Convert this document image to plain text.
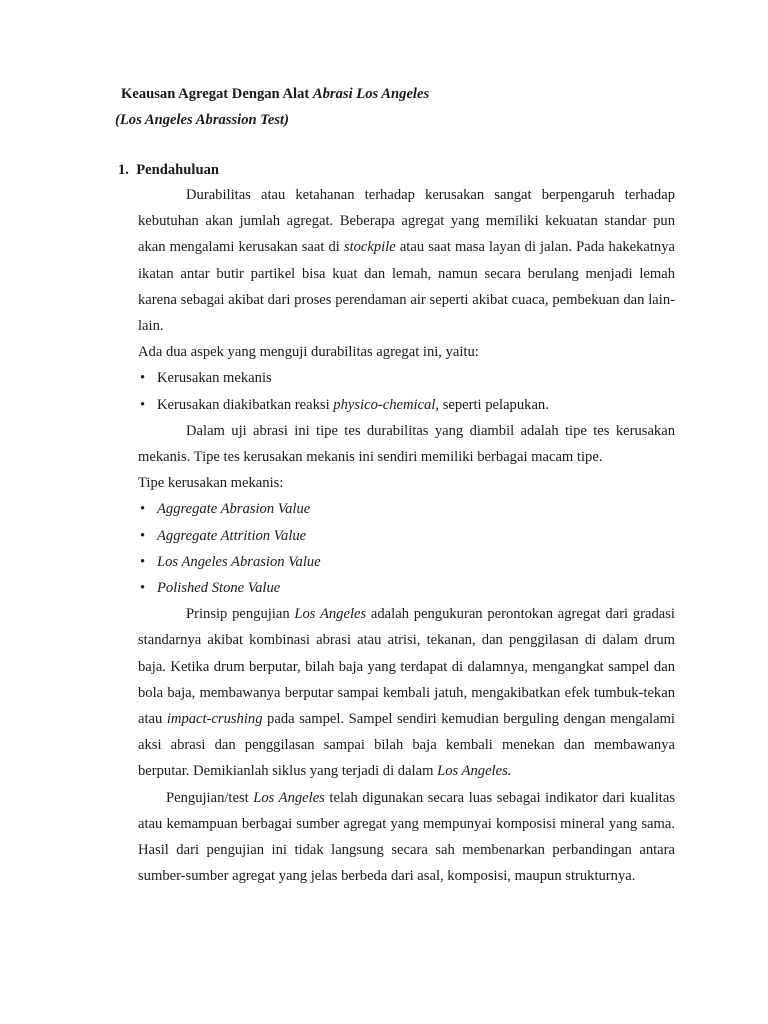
Keausan Agregat Dengan Alat Abrasi Los Angeles
(Los Angeles Abrassion Test)
1. Pendahuluan

Durabilitas atau ketahanan terhadap kerusakan sangat berpengaruh terhadap kebutuhan akan jumlah agregat. Beberapa agregat yang memiliki kekuatan standar pun akan mengalami kerusakan saat di stockpile atau saat masa layan di jalan. Pada hakekatnya ikatan antar butir partikel bisa kuat dan lemah, namun secara berulang menjadi lemah karena sebagai akibat dari proses perendaman air seperti akibat cuaca, pembekuan dan lain-lain.

Ada dua aspek yang menguji durabilitas agregat ini, yaitu:

• Kerusakan mekanis
• Kerusakan diakibatkan reaksi physico-chemical, seperti pelapukan.

Dalam uji abrasi ini tipe tes durabilitas yang diambil adalah tipe tes kerusakan mekanis. Tipe tes kerusakan mekanis ini sendiri memiliki berbagai macam tipe.

Tipe kerusakan mekanis:

• Aggregate Abrasion Value
• Aggregate Attrition Value
• Los Angeles Abrasion Value
• Polished Stone Value

Prinsip pengujian Los Angeles adalah pengukuran perontokan agregat dari gradasi standarnya akibat kombinasi abrasi atau atrisi, tekanan, dan penggilasan di dalam drum baja. Ketika drum berputar, bilah baja yang terdapat di dalamnya, mengangkat sampel dan bola baja, membawanya berputar sampai kembali jatuh, mengakibatkan efek tumbuk-tekan atau impact-crushing pada sampel. Sampel sendiri kemudian berguling dengan mengalami aksi abrasi dan penggilasan sampai bilah baja kembali menekan dan membawanya berputar. Demikianlah siklus yang terjadi di dalam Los Angeles.

Pengujian/test Los Angeles telah digunakan secara luas sebagai indikator dari kualitas atau kemampuan berbagai sumber agregat yang mempunyai komposisi mineral yang sama. Hasil dari pengujian ini tidak langsung secara sah membenarkan perbandingan antara sumber-sumber agregat yang jelas berbeda dari asal, komposisi, maupun strukturnya.
